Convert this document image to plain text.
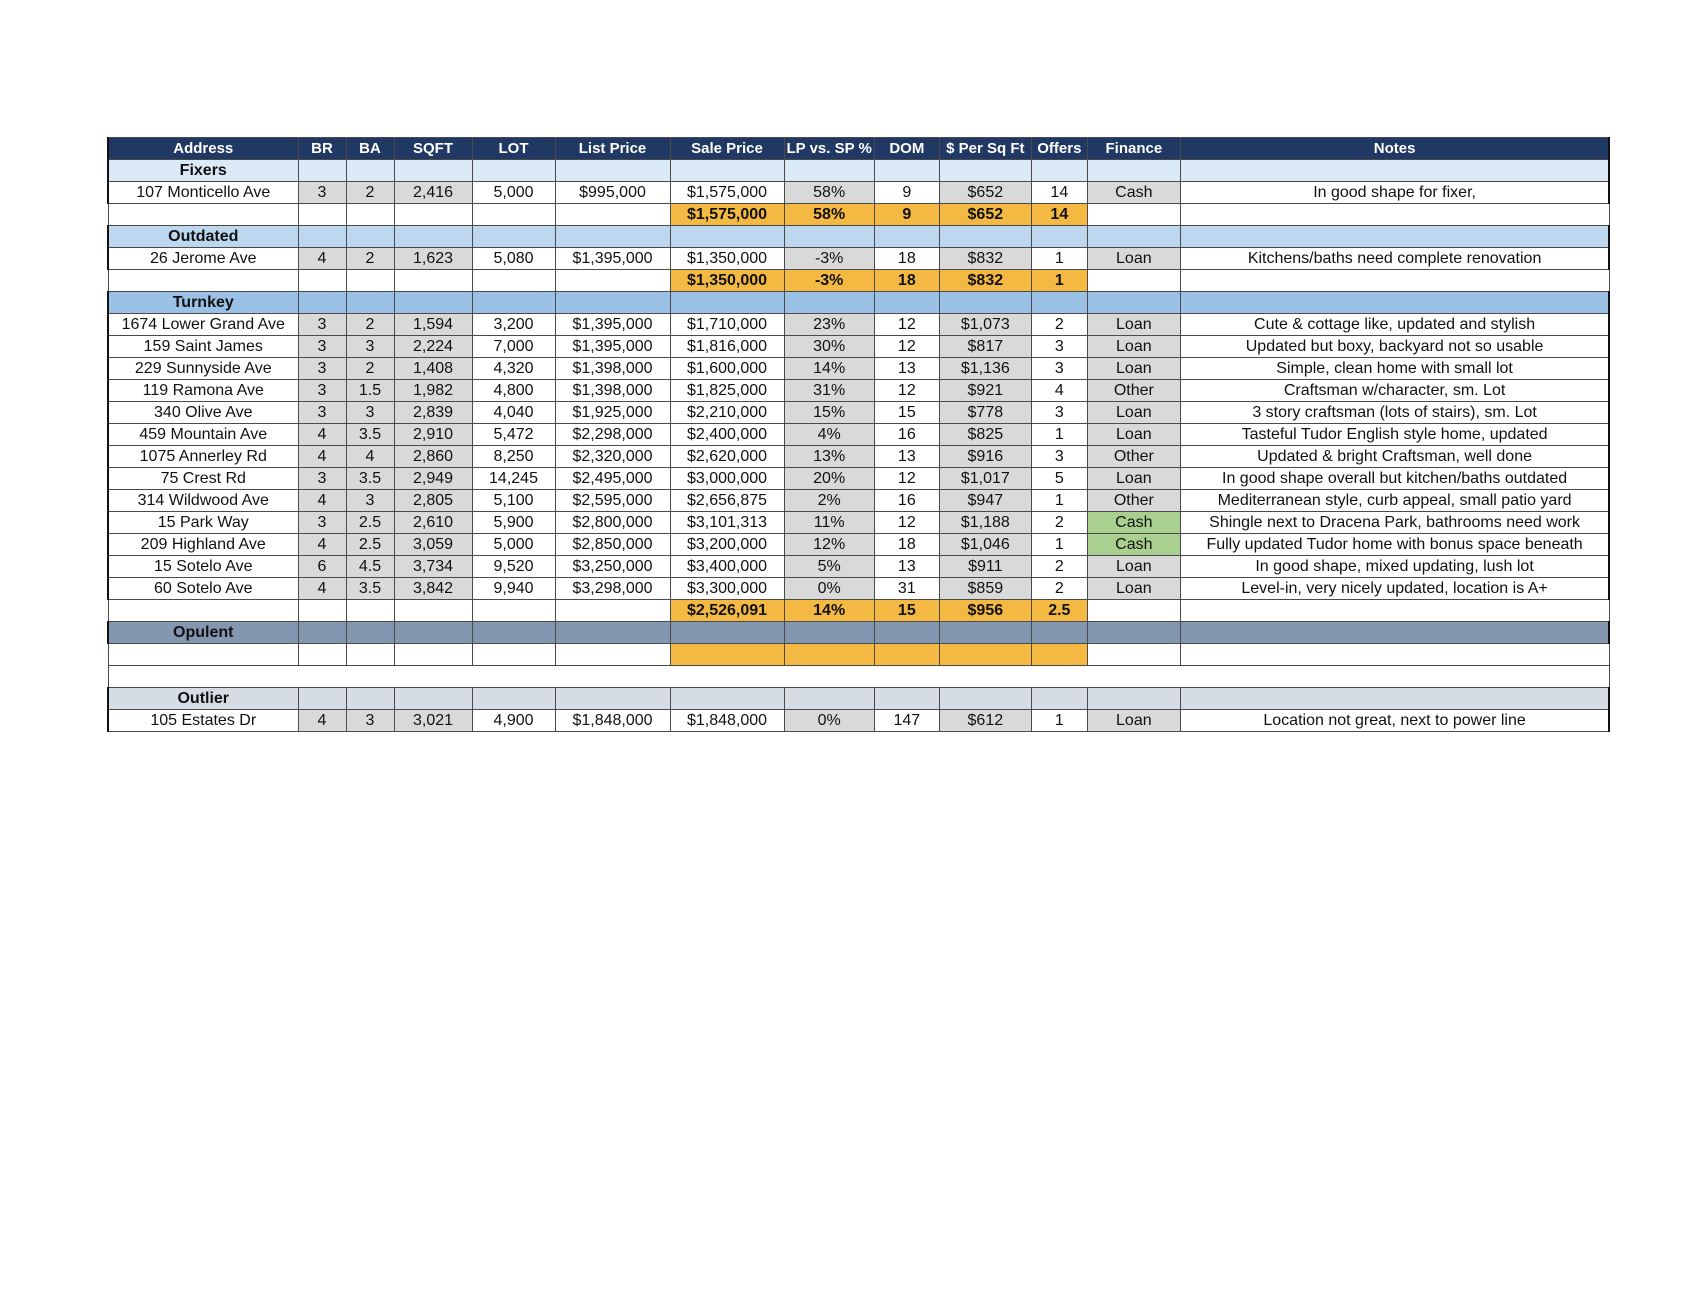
Address	BR	BA	SQFT	LOT	List Price	Sale Price	LP vs. SP %	DOM	$ Per Sq Ft	Offers	Finance	Notes
Fixers												
107 Monticello Ave	3	2	2,416	5,000	$995,000	$1,575,000	58%	9	$652	14	Cash	In good shape for fixer,
						$1,575,000	58%	9	$652	14		
Outdated												
26 Jerome Ave	4	2	1,623	5,080	$1,395,000	$1,350,000	-3%	18	$832	1	Loan	Kitchens/baths need complete renovation
						$1,350,000	-3%	18	$832	1		
Turnkey												
1674 Lower Grand Ave	3	2	1,594	3,200	$1,395,000	$1,710,000	23%	12	$1,073	2	Loan	Cute & cottage like, updated and stylish
159 Saint James	3	3	2,224	7,000	$1,395,000	$1,816,000	30%	12	$817	3	Loan	Updated but boxy, backyard not so usable
229 Sunnyside Ave	3	2	1,408	4,320	$1,398,000	$1,600,000	14%	13	$1,136	3	Loan	Simple, clean home with small lot
119 Ramona Ave	3	1.5	1,982	4,800	$1,398,000	$1,825,000	31%	12	$921	4	Other	Craftsman w/character, sm. Lot
340 Olive Ave	3	3	2,839	4,040	$1,925,000	$2,210,000	15%	15	$778	3	Loan	3 story craftsman (lots of stairs), sm. Lot
459 Mountain Ave	4	3.5	2,910	5,472	$2,298,000	$2,400,000	4%	16	$825	1	Loan	Tasteful Tudor English style home, updated
1075 Annerley Rd	4	4	2,860	8,250	$2,320,000	$2,620,000	13%	13	$916	3	Other	Updated & bright Craftsman, well done
75 Crest Rd	3	3.5	2,949	14,245	$2,495,000	$3,000,000	20%	12	$1,017	5	Loan	In good shape overall but kitchen/baths outdated
314 Wildwood Ave	4	3	2,805	5,100	$2,595,000	$2,656,875	2%	16	$947	1	Other	Mediterranean style, curb appeal, small patio yard
15 Park Way	3	2.5	2,610	5,900	$2,800,000	$3,101,313	11%	12	$1,188	2	Cash	Shingle next to Dracena Park, bathrooms need work
209 Highland Ave	4	2.5	3,059	5,000	$2,850,000	$3,200,000	12%	18	$1,046	1	Cash	Fully updated Tudor home with bonus space beneath
15 Sotelo Ave	6	4.5	3,734	9,520	$3,250,000	$3,400,000	5%	13	$911	2	Loan	In good shape, mixed updating, lush lot
60 Sotelo Ave	4	3.5	3,842	9,940	$3,298,000	$3,300,000	0%	31	$859	2	Loan	Level-in, very nicely updated, location is A+
						$2,526,091	14%	15	$956	2.5		
Opulent												

Outlier												
105 Estates Dr	4	3	3,021	4,900	$1,848,000	$1,848,000	0%	147	$612	1	Loan	Location not great, next to power line
